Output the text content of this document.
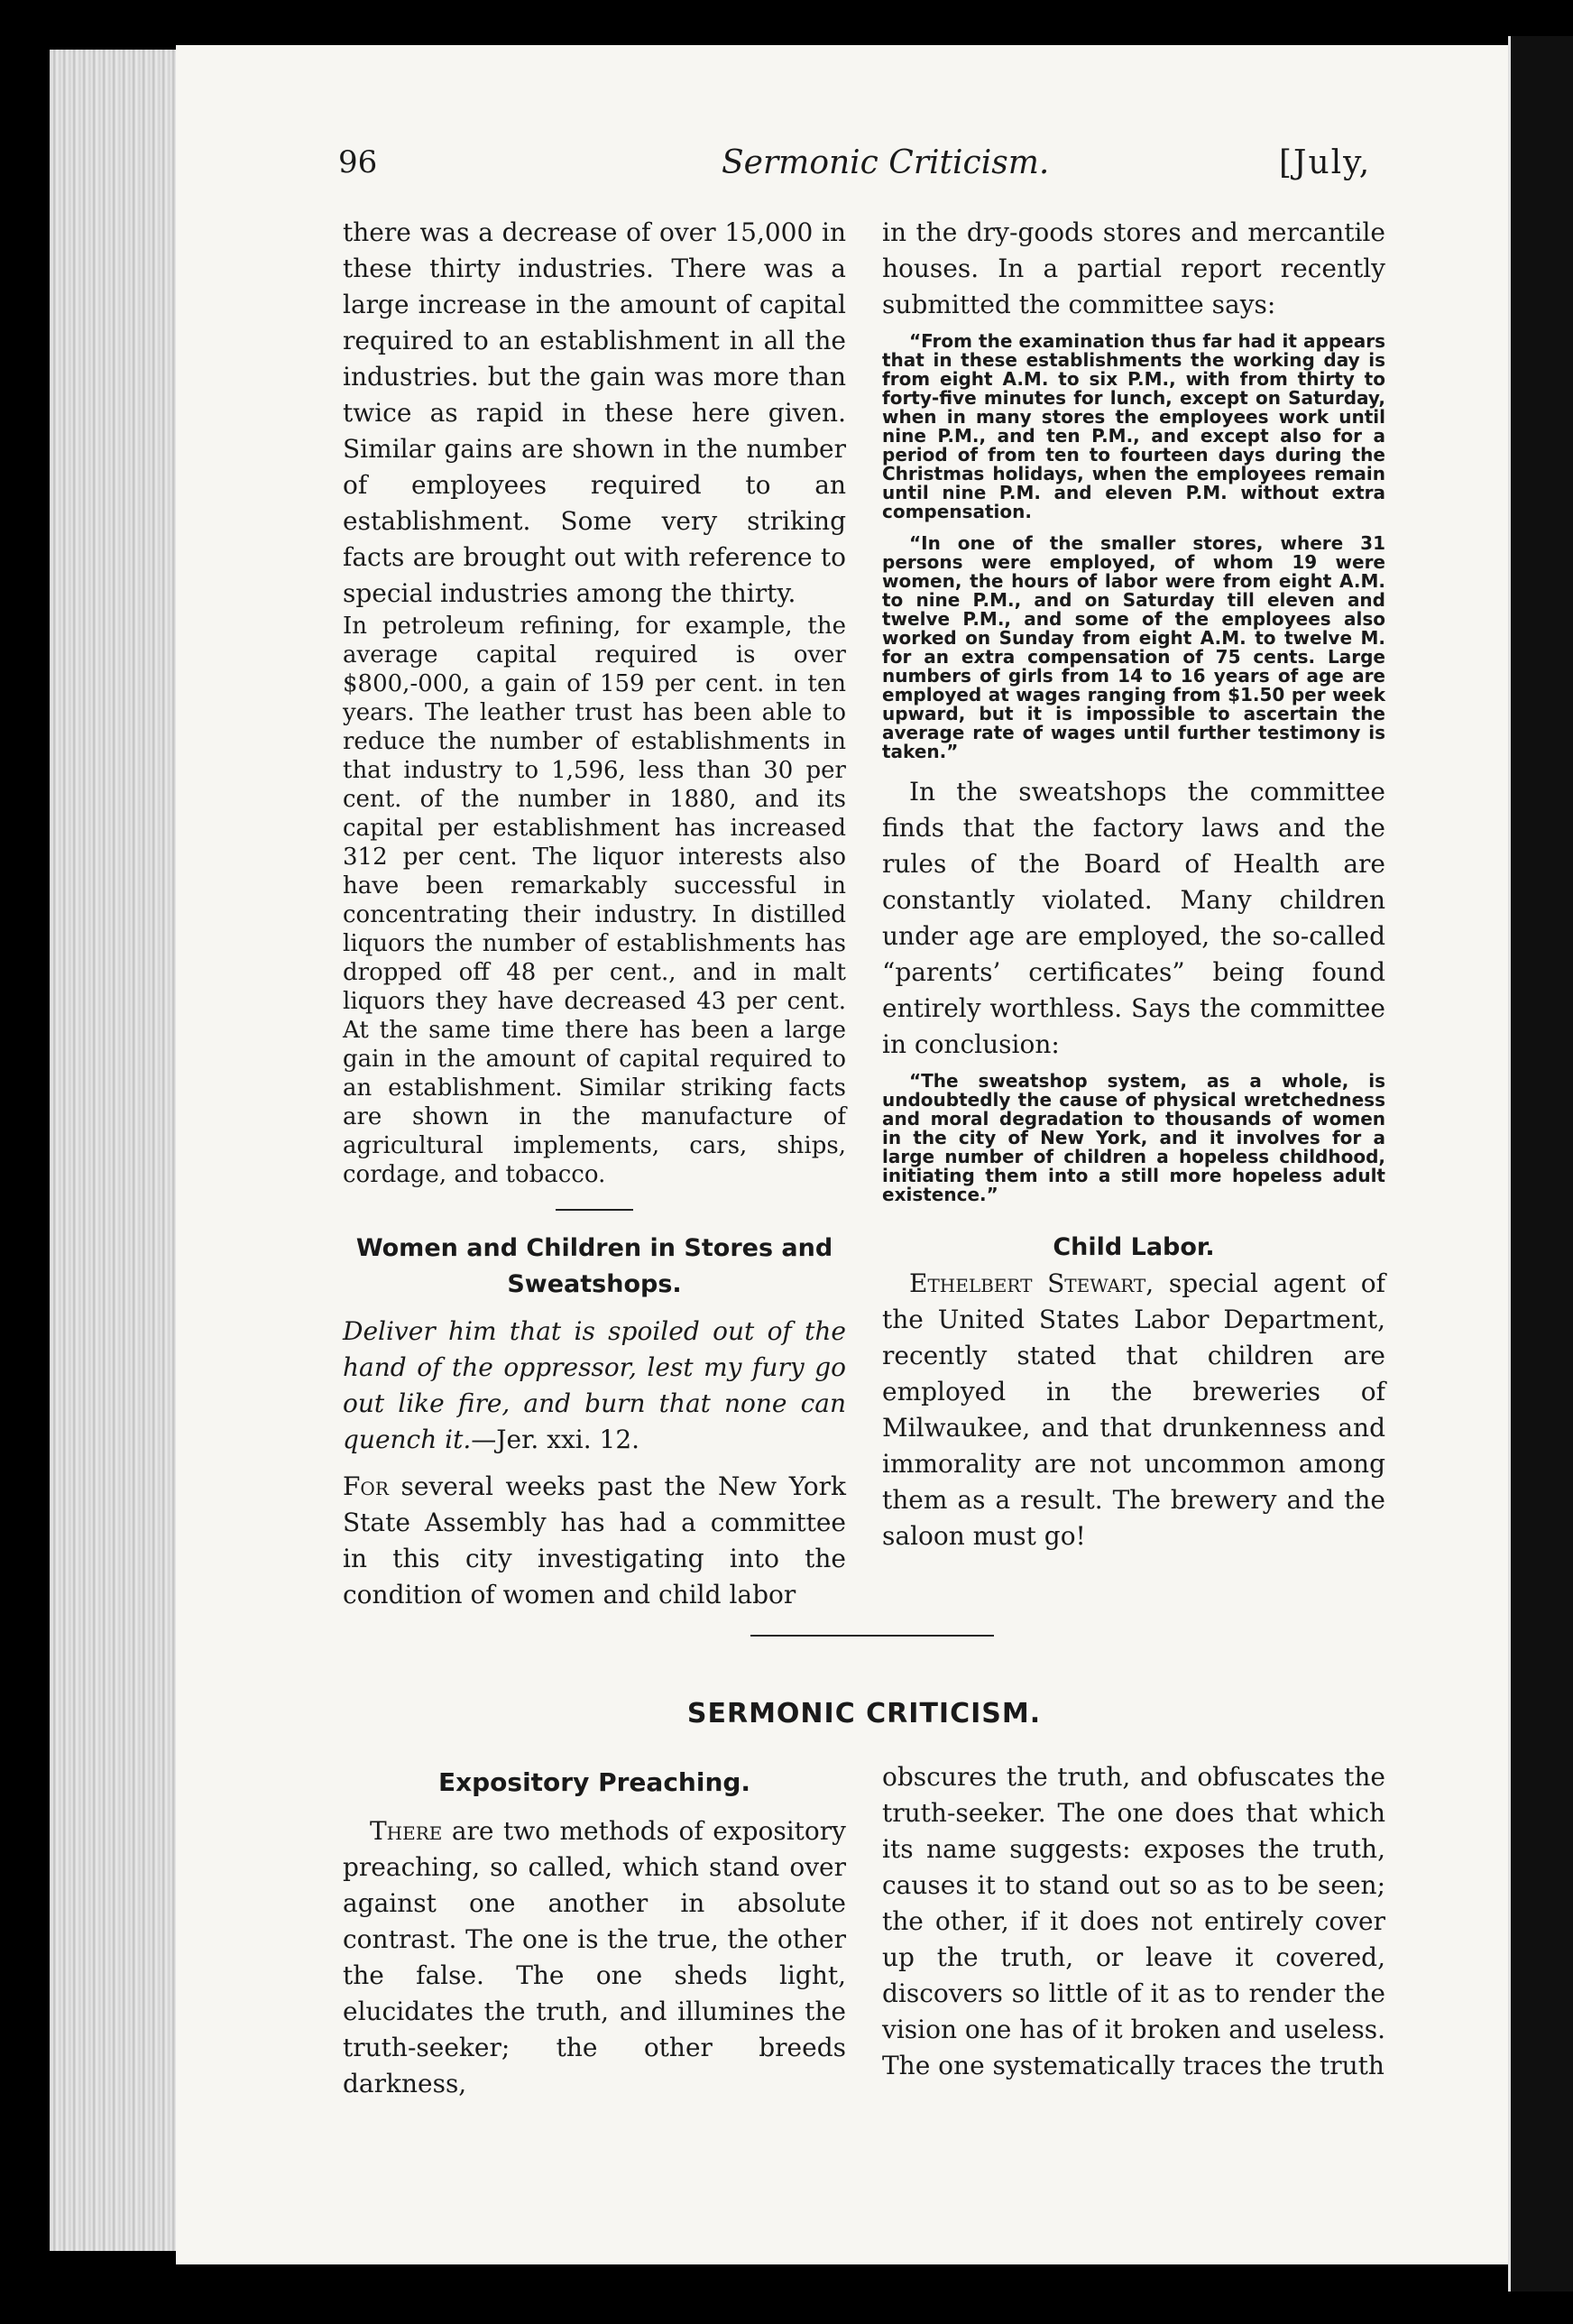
96	Sermonic Criticism.	[July,

there was a decrease of over 15,000 in these thirty industries. There was a large increase in the amount of capital required to an establishment in all the industries. but the gain was more than twice as rapid in these here given. Similar gains are shown in the number of employees required to an establishment. Some very striking facts are brought out with reference to special industries among the thirty.

In petroleum refining, for example, the average capital required is over $800,-000, a gain of 159 per cent. in ten years. The leather trust has been able to reduce the number of establishments in that industry to 1,596, less than 30 per cent. of the number in 1880, and its capital per establishment has increased 312 per cent. The liquor interests also have been remarkably successful in concentrating their industry. In distilled liquors the number of establishments has dropped off 48 per cent., and in malt liquors they have decreased 43 per cent. At the same time there has been a large gain in the amount of capital required to an establishment. Similar striking facts are shown in the manufacture of agricultural implements, cars, ships, cordage, and tobacco.

Women and Children in Stores and Sweatshops.

Deliver him that is spoiled out of the hand of the oppressor, lest my fury go out like fire, and burn that none can quench it.—Jer. xxi. 12.

For several weeks past the New York State Assembly has had a committee in this city investigating into the condition of women and child labor

in the dry-goods stores and mercantile houses. In a partial report recently submitted the committee says:

“From the examination thus far had it appears that in these establishments the working day is from eight A.M. to six P.M., with from thirty to forty-five minutes for lunch, except on Saturday, when in many stores the employees work until nine P.M., and ten P.M., and except also for a period of from ten to fourteen days during the Christmas holidays, when the employees remain until nine P.M. and eleven P.M. without extra compensation.

“In one of the smaller stores, where 31 persons were employed, of whom 19 were women, the hours of labor were from eight A.M. to nine P.M., and on Saturday till eleven and twelve P.M., and some of the employees also worked on Sunday from eight A.M. to twelve M. for an extra compensation of 75 cents. Large numbers of girls from 14 to 16 years of age are employed at wages ranging from $1.50 per week upward, but it is impossible to ascertain the average rate of wages until further testimony is taken.”

In the sweatshops the committee finds that the factory laws and the rules of the Board of Health are constantly violated. Many children under age are employed, the so-called “parents’ certificates” being found entirely worthless. Says the committee in conclusion:

“The sweatshop system, as a whole, is undoubtedly the cause of physical wretchedness and moral degradation to thousands of women in the city of New York, and it involves for a large number of children a hopeless childhood, initiating them into a still more hopeless adult existence.”

Child Labor.

Ethelbert Stewart, special agent of the United States Labor Department, recently stated that children are employed in the breweries of Milwaukee, and that drunkenness and immorality are not uncommon among them as a result. The brewery and the saloon must go!

SERMONIC CRITICISM.
Expository Preaching.

There are two methods of expository preaching, so called, which stand over against one another in absolute contrast. The one is the true, the other the false. The one sheds light, elucidates the truth, and illumines the truth-seeker; the other breeds darkness,

obscures the truth, and obfuscates the truth-seeker. The one does that which its name suggests: exposes the truth, causes it to stand out so as to be seen; the other, if it does not entirely cover up the truth, or leave it covered, discovers so little of it as to render the vision one has of it broken and useless. The one systematically traces the truth
